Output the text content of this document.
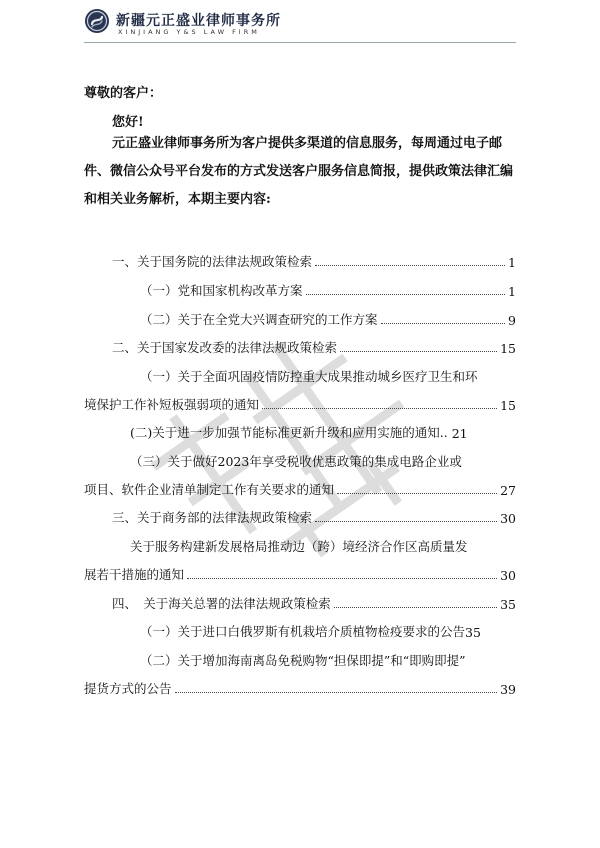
新疆元正盛业律师事务所
XINJIANG Y&S LAW FIRM
尊敬的客户：
您好!
元正盛业律师事务所为客户提供多渠道的信息服务，每周通过电子邮件、微信公众号平台发布的方式发送客户服务信息简报，提供政策法律汇编和相关业务解析，本期主要内容:
一、关于国务院的法律法规政策检索	1
（一）党和国家机构改革方案	1
（二）关于在全党大兴调查研究的工作方案	9
二、关于国家发改委的法律法规政策检索	15
（一）关于全面巩固疫情防控重大成果推动城乡医疗卫生和环
境保护工作补短板强弱项的通知	15
(二)关于进一步加强节能标准更新升级和应用实施的通知.. 21
（三）关于做好2023年享受税收优惠政策的集成电路企业或
项目、软件企业清单制定工作有关要求的通知	27
三、关于商务部的法律法规政策检索	30
关于服务构建新发展格局推动边（跨）境经济合作区高质量发
展若干措施的通知	30
四、　关于海关总署的法律法规政策检索	35
（一）关于进口白俄罗斯有机栽培介质植物检疫要求的公告 35
（二）关于增加海南离岛免税购物“担保即提”和“即购即提”
提货方式的公告	39
